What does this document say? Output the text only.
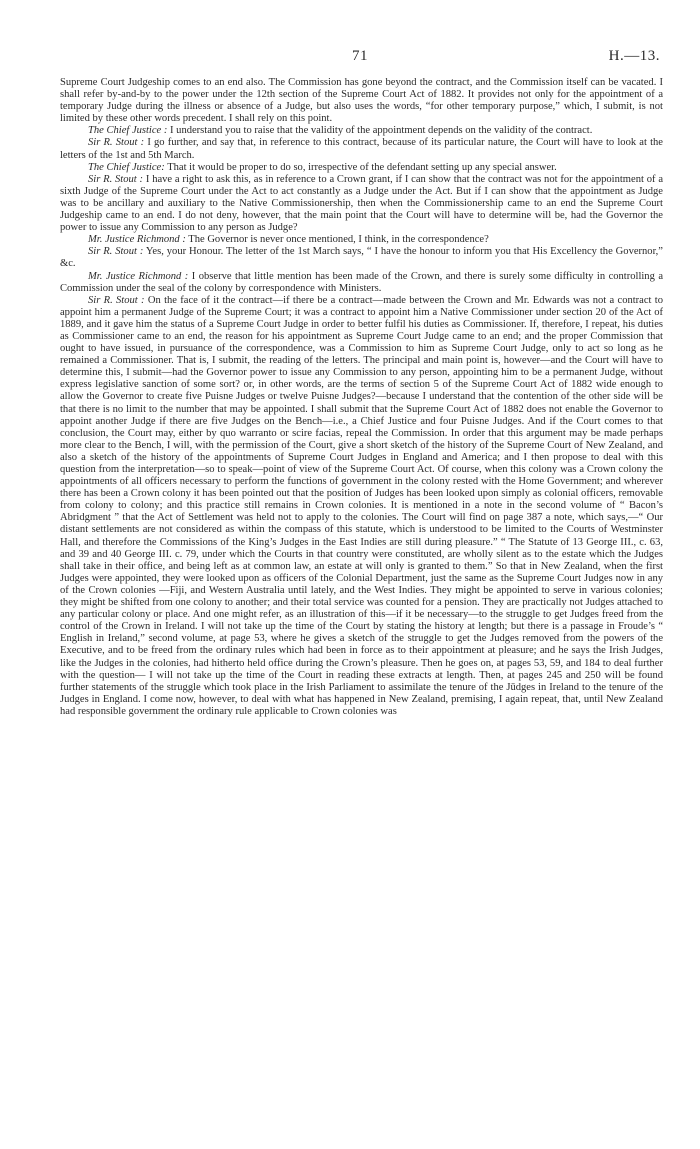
71	H.—13.

Supreme Court Judgeship comes to an end also. The Commission has gone beyond the contract, and the Commission itself can be vacated. I shall refer by-and-by to the power under the 12th section of the Supreme Court Act of 1882. It provides not only for the appointment of a temporary Judge during the illness or absence of a Judge, but also uses the words, “for other temporary purpose,” which, I submit, is not limited by these other words precedent. I shall rely on this point.

The Chief Justice : I understand you to raise that the validity of the appointment depends on the validity of the contract.

Sir R. Stout : I go further, and say that, in reference to this contract, because of its particular nature, the Court will have to look at the letters of the 1st and 5th March.

The Chief Justice: That it would be proper to do so, irrespective of the defendant setting up any special answer.

Sir R. Stout : I have a right to ask this, as in reference to a Crown grant, if I can show that the contract was not for the appointment of a sixth Judge of the Supreme Court under the Act to act constantly as a Judge under the Act. But if I can show that the appointment as Judge was to be ancillary and auxiliary to the Native Commissionership, then when the Commissionership came to an end the Supreme Court Judgeship came to an end. I do not deny, however, that the main point that the Court will have to determine will be, had the Governor the power to issue any Commission to any person as Judge?

Mr. Justice Richmond : The Governor is never once mentioned, I think, in the correspondence?

Sir R. Stout : Yes, your Honour. The letter of the 1st March says, “ I have the honour to inform you that His Excellency the Governor,” &c.

Mr. Justice Richmond : I observe that little mention has been made of the Crown, and there is surely some difficulty in controlling a Commission under the seal of the colony by correspondence with Ministers.

Sir R. Stout : On the face of it the contract—if there be a contract—made between the Crown and Mr. Edwards was not a contract to appoint him a permanent Judge of the Supreme Court; it was a contract to appoint him a Native Commissioner under section 20 of the Act of 1889, and it gave him the status of a Supreme Court Judge in order to better fulfil his duties as Commissioner. If, therefore, I repeat, his duties as Commissioner came to an end, the reason for his appointment as Supreme Court Judge came to an end; and the proper Commission that ought to have issued, in pursuance of the correspondence, was a Commission to him as Supreme Court Judge, only to act so long as he remained a Commissioner. That is, I submit, the reading of the letters. The principal and main point is, however—and the Court will have to determine this, I submit—had the Governor power to issue any Commission to any person, appointing him to be a permanent Judge, without express legislative sanction of some sort? or, in other words, are the terms of section 5 of the Supreme Court Act of 1882 wide enough to allow the Governor to create five Puisne Judges or twelve Puisne Judges?—because I understand that the contention of the other side will be that there is no limit to the number that may be appointed. I shall submit that the Supreme Court Act of 1882 does not enable the Governor to appoint another Judge if there are five Judges on the Bench—i.e., a Chief Justice and four Puisne Judges. And if the Court comes to that conclusion, the Court may, either by quo warranto or scire facias, repeal the Commission. In order that this argument may be made perhaps more clear to the Bench, I will, with the permission of the Court, give a short sketch of the history of the Supreme Court of New Zealand, and also a sketch of the history of the appointments of Supreme Court Judges in England and America; and I then propose to deal with this question from the interpretation—so to speak—point of view of the Supreme Court Act. Of course, when this colony was a Crown colony the appointments of all officers necessary to perform the functions of government in the colony rested with the Home Government; and wherever there has been a Crown colony it has been pointed out that the position of Judges has been looked upon simply as colonial officers, removable from colony to colony; and this practice still remains in Crown colonies. It is mentioned in a note in the second volume of “ Bacon’s Abridgment ” that the Act of Settlement was held not to apply to the colonies. The Court will find on page 387 a note, which says,—“ Our distant settlements are not considered as within the compass of this statute, which is understood to be limited to the Courts of Westminster Hall, and therefore the Commissions of the King’s Judges in the East Indies are still during pleasure.” “ The Statute of 13 George III., c. 63, and 39 and 40 George III. c. 79, under which the Courts in that country were constituted, are wholly silent as to the estate which the Judges shall take in their office, and being left as at common law, an estate at will only is granted to them.” So that in New Zealand, when the first Judges were appointed, they were looked upon as officers of the Colonial Department, just the same as the Supreme Court Judges now in any of the Crown colonies —Fiji, and Western Australia until lately, and the West Indies. They might be appointed to serve in various colonies; they might be shifted from one colony to another; and their total service was counted for a pension. They are practically not Judges attached to any particular colony or place. And one might refer, as an illustration of this—if it be necessary—to the struggle to get Judges freed from the control of the Crown in Ireland. I will not take up the time of the Court by stating the history at length; but there is a passage in Froude’s “ English in Ireland,” second volume, at page 53, where he gives a sketch of the struggle to get the Judges removed from the powers of the Executive, and to be freed from the ordinary rules which had been in force as to their appointment at pleasure; and he says the Irish Judges, like the Judges in the colonies, had hitherto held office during the Crown’s pleasure. Then he goes on, at pages 53, 59, and 184 to deal further with the question— I will not take up the time of the Court in reading these extracts at length. Then, at pages 245 and 250 will be found further statements of the struggle which took place in the Irish Parliament to assimilate the tenure of the Jūdges in Ireland to the tenure of the Judges in England. I come now, however, to deal with what has happened in New Zealand, premising, I again repeat, that, until New Zealand had responsible government the ordinary rule applicable to Crown colonies was
